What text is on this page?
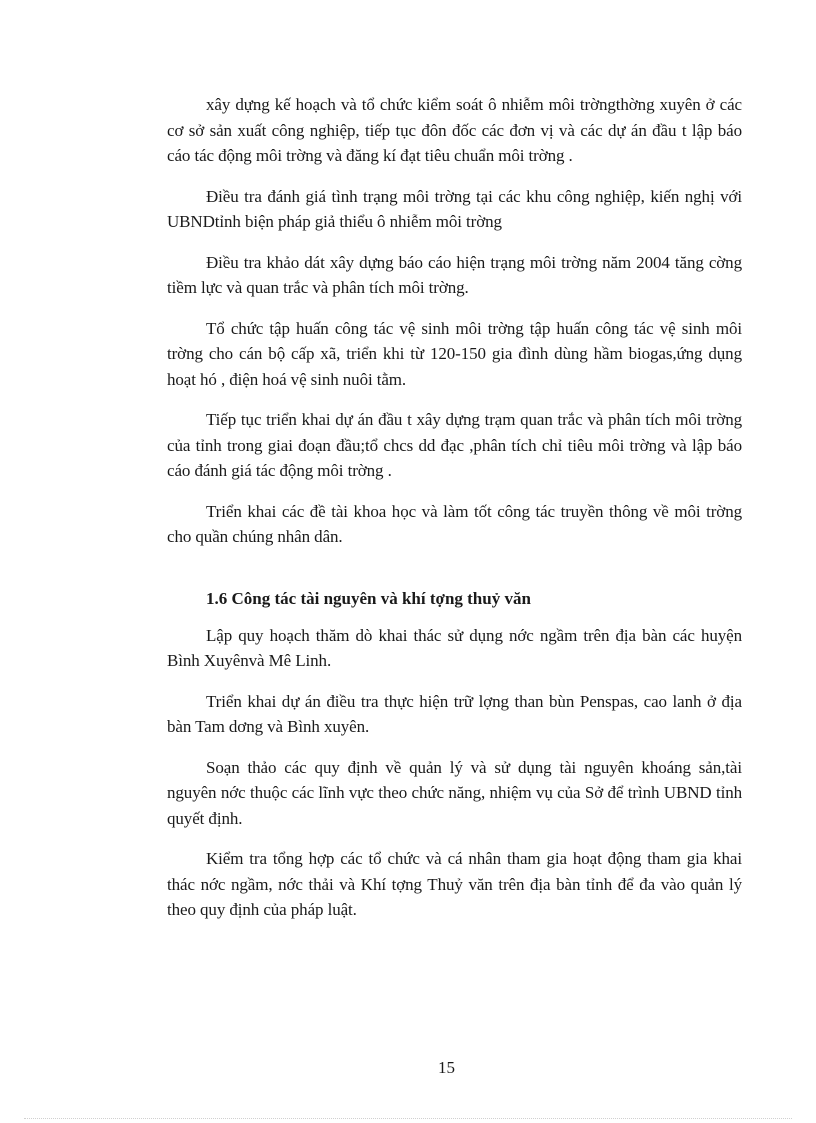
xây dựng kế hoạch và tổ chức kiểm soát ô nhiễm môi trờngthờng xuyên ở các cơ sở sản xuất công nghiệp, tiếp tục đôn đốc các đơn vị và các dự án đầu t lập báo cáo tác động môi trờng và đăng kí đạt tiêu chuẩn môi trờng .

Điều tra đánh giá tình trạng môi trờng tại các khu công nghiệp, kiến nghị với UBNDtỉnh biện pháp giả thiểu ô nhiễm môi trờng

Điều tra khảo dát xây dựng báo cáo hiện trạng môi trờng năm 2004 tăng cờng tiềm lực và quan trắc và phân tích môi trờng.

Tổ chức tập huấn công tác vệ sinh môi trờng tập huấn công tác vệ sinh môi trờng cho cán bộ cấp xã, triển khi từ 120-150 gia đình dùng hầm biogas,ứng dụng hoạt hó , điện hoá vệ sinh nuôi tằm.

Tiếp tục triển khai dự án đầu t xây dựng trạm quan trắc và phân tích môi trờng của tỉnh trong giai đoạn đầu;tổ chcs dd đạc ,phân tích chỉ tiêu môi trờng và lập báo cáo đánh giá tác động môi trờng .

Triển khai các đề tài khoa học và làm tốt công tác truyền thông về môi trờng cho quần chúng nhân dân.

1.6 Công tác tài nguyên và khí tợng thuỷ văn

Lập quy hoạch thăm dò khai thác sử dụng nớc ngầm trên địa bàn các huyện Bình Xuyênvà Mê Linh.

Triển khai dự án điều tra thực hiện trữ lợng than bùn Penspas, cao lanh ở địa bàn Tam dơng và Bình xuyên.

Soạn thảo các quy định về quản lý và sử dụng tài nguyên khoáng sản,tài nguyên nớc thuộc các lĩnh vực theo chức năng, nhiệm vụ của Sở để trình UBND tỉnh quyết định.

Kiểm tra tổng hợp các tổ chức và cá nhân tham gia hoạt động tham gia khai thác nớc ngầm, nớc thải và Khí tợng Thuỷ văn trên địa bàn tỉnh để đa vào quản lý theo quy định của pháp luật.

15
